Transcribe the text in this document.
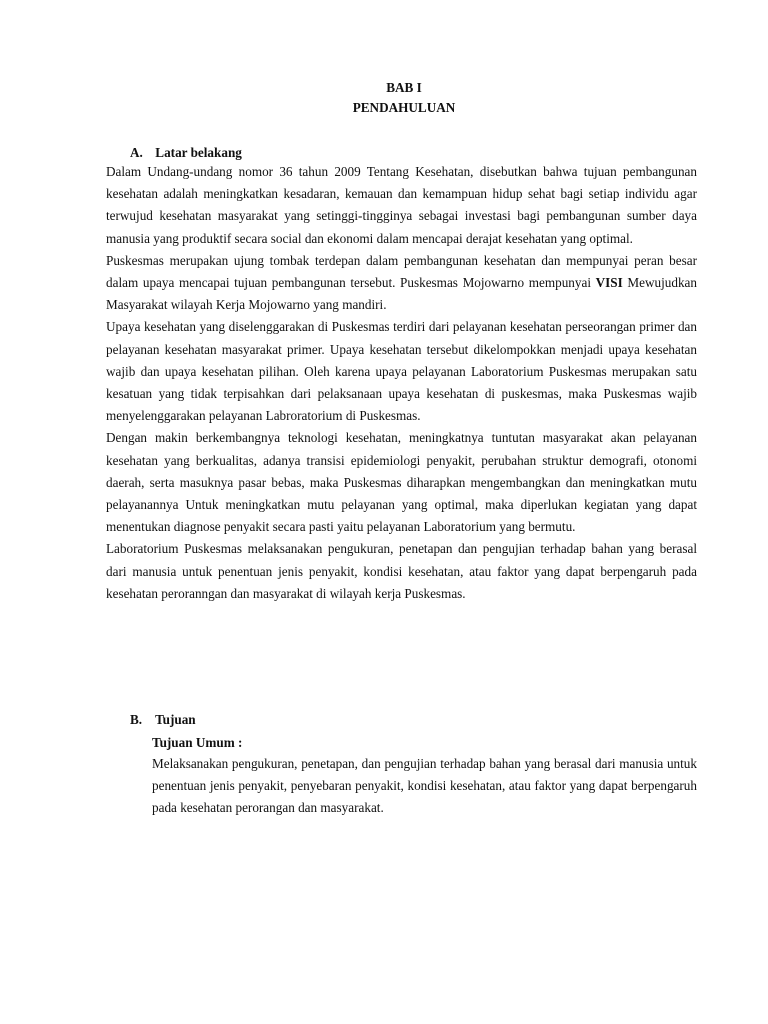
BAB I
PENDAHULUAN
A. Latar belakang

Dalam Undang-undang nomor 36 tahun 2009 Tentang Kesehatan, disebutkan bahwa tujuan pembangunan kesehatan adalah meningkatkan kesadaran, kemauan dan kemampuan hidup sehat bagi setiap individu agar terwujud kesehatan masyarakat yang setinggi-tingginya sebagai investasi bagi pembangunan sumber daya manusia yang produktif secara social dan ekonomi dalam mencapai derajat kesehatan yang optimal.

Puskesmas merupakan ujung tombak terdepan dalam pembangunan kesehatan dan mempunyai peran besar dalam upaya mencapai tujuan pembangunan tersebut. Puskesmas Mojowarno mempunyai VISI Mewujudkan Masyarakat wilayah Kerja Mojowarno yang mandiri.

Upaya kesehatan yang diselenggarakan di Puskesmas terdiri dari pelayanan kesehatan perseorangan primer dan pelayanan kesehatan masyarakat primer. Upaya kesehatan tersebut dikelompokkan menjadi upaya kesehatan wajib dan upaya kesehatan pilihan. Oleh karena upaya pelayanan Laboratorium Puskesmas merupakan satu kesatuan yang tidak terpisahkan dari pelaksanaan upaya kesehatan di puskesmas, maka Puskesmas wajib menyelenggarakan pelayanan Labroratorium di Puskesmas.

Dengan makin berkembangnya teknologi kesehatan, meningkatnya tuntutan masyarakat akan pelayanan kesehatan yang berkualitas, adanya transisi epidemiologi penyakit, perubahan struktur demografi, otonomi daerah, serta masuknya pasar bebas, maka Puskesmas diharapkan mengembangkan dan meningkatkan mutu pelayanannya Untuk meningkatkan mutu pelayanan yang optimal, maka diperlukan kegiatan yang dapat menentukan diagnose penyakit secara pasti yaitu pelayanan Laboratorium yang bermutu.

Laboratorium Puskesmas melaksanakan pengukuran, penetapan dan pengujian terhadap bahan yang berasal dari manusia untuk penentuan jenis penyakit, kondisi kesehatan, atau faktor yang dapat berpengaruh pada kesehatan peroranngan dan masyarakat di wilayah kerja Puskesmas.

B. Tujuan
Tujuan Umum :

Melaksanakan pengukuran, penetapan, dan pengujian terhadap bahan yang berasal dari manusia untuk penentuan jenis penyakit, penyebaran penyakit, kondisi kesehatan, atau faktor yang dapat berpengaruh pada kesehatan perorangan dan masyarakat.
